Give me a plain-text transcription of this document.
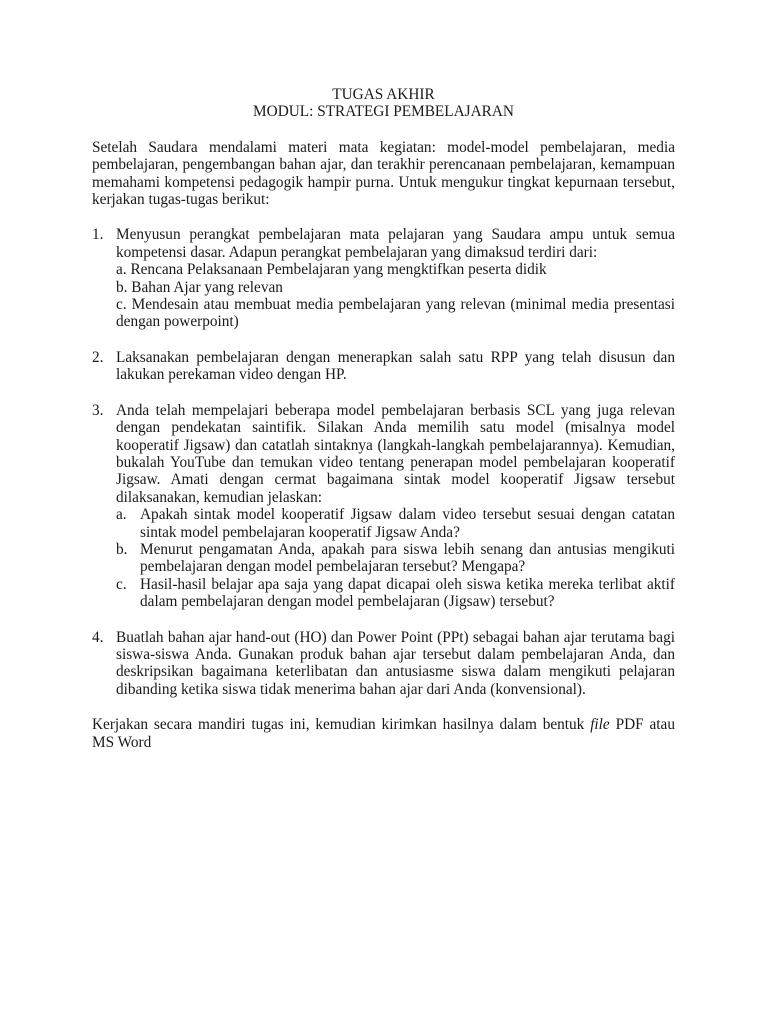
TUGAS AKHIR
MODUL: STRATEGI PEMBELAJARAN

Setelah Saudara mendalami materi mata kegiatan: model-model pembelajaran, media pembelajaran, pengembangan bahan ajar, dan terakhir perencanaan pembelajaran, kemampuan memahami kompetensi pedagogik hampir purna. Untuk mengukur tingkat kepurnaan tersebut, kerjakan tugas-tugas berikut:

1. Menyusun perangkat pembelajaran mata pelajaran yang Saudara ampu untuk semua kompetensi dasar. Adapun perangkat pembelajaran yang dimaksud terdiri dari:
a. Rencana Pelaksanaan Pembelajaran yang mengktifkan peserta didik
b. Bahan Ajar yang relevan
c. Mendesain atau membuat media pembelajaran yang relevan (minimal media presentasi dengan powerpoint)
2. Laksanakan pembelajaran dengan menerapkan salah satu RPP yang telah disusun dan lakukan perekaman video dengan HP.
3. Anda telah mempelajari beberapa model pembelajaran berbasis SCL yang juga relevan dengan pendekatan saintifik. Silakan Anda memilih satu model (misalnya model kooperatif Jigsaw) dan catatlah sintaknya (langkah-langkah pembelajarannya). Kemudian, bukalah YouTube dan temukan video tentang penerapan model pembelajaran kooperatif Jigsaw. Amati dengan cermat bagaimana sintak model kooperatif Jigsaw tersebut dilaksanakan, kemudian jelaskan:
a. Apakah sintak model kooperatif Jigsaw dalam video tersebut sesuai dengan catatan sintak model pembelajaran kooperatif Jigsaw Anda?
b. Menurut pengamatan Anda, apakah para siswa lebih senang dan antusias mengikuti pembelajaran dengan model pembelajaran tersebut? Mengapa?
c. Hasil-hasil belajar apa saja yang dapat dicapai oleh siswa ketika mereka terlibat aktif dalam pembelajaran dengan model pembelajaran (Jigsaw) tersebut?
4. Buatlah bahan ajar hand-out (HO) dan Power Point (PPt) sebagai bahan ajar terutama bagi siswa-siswa Anda. Gunakan produk bahan ajar tersebut dalam pembelajaran Anda, dan deskripsikan bagaimana keterlibatan dan antusiasme siswa dalam mengikuti pelajaran dibanding ketika siswa tidak menerima bahan ajar dari Anda (konvensional).

Kerjakan secara mandiri tugas ini, kemudian kirimkan hasilnya dalam bentuk file PDF atau MS Word
